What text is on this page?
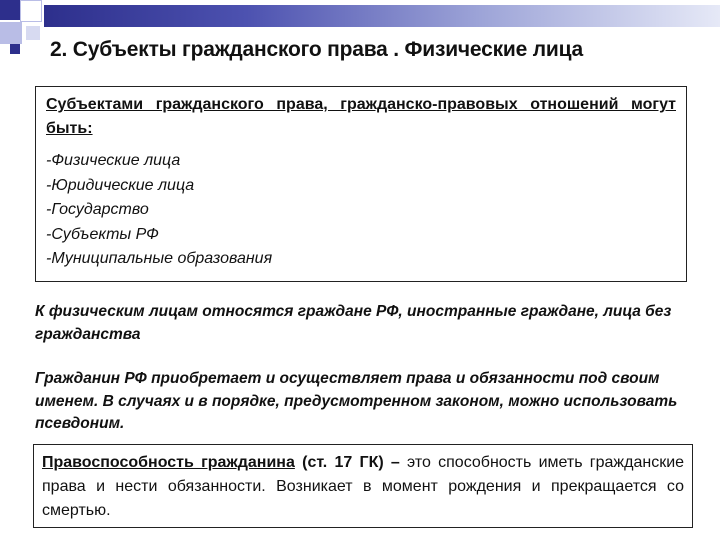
2. Субъекты гражданского права . Физические лица
Субъектами гражданского права, гражданско-правовых отношений могут быть:
-Физические лица
-Юридические лица
-Государство
-Субъекты РФ
-Муниципальные образования
К физическим лицам относятся граждане РФ, иностранные граждане, лица без гражданства
Гражданин РФ приобретает и осуществляет права и обязанности под своим именем. В случаях и в порядке, предусмотренном законом, можно использовать псевдоним.
Правоспособность гражданина (ст. 17 ГК) – это способность иметь гражданские права и нести обязанности. Возникает в момент рождения и прекращается со смертью.
